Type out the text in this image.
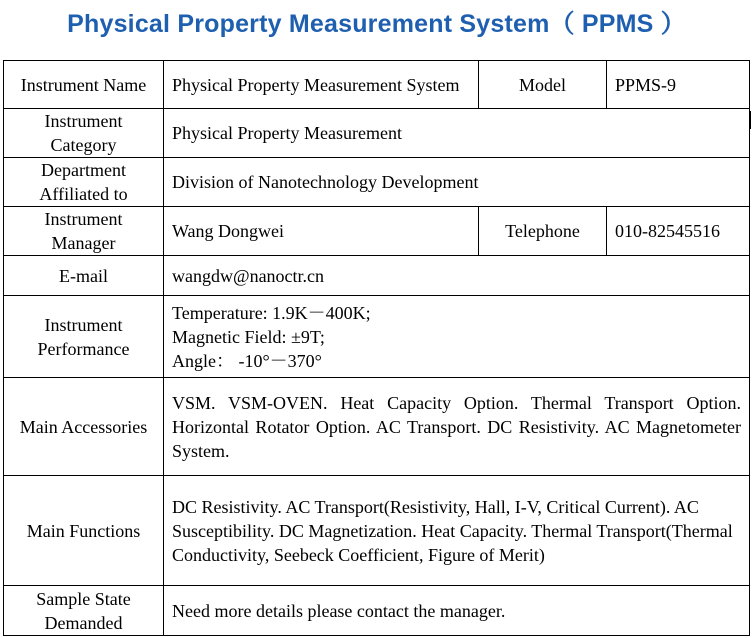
Physical Property Measurement System（ PPMS ）
Instrument Name	Physical Property Measurement System	Model	PPMS-9
Instrument Category	Physical Property Measurement		
Department Affiliated to	Division of Nanotechnology Development		
Instrument Manager	Wang Dongwei	Telephone	010-82545516
E-mail	wangdw@nanoctr.cn		
Instrument Performance	Temperature: 1.9K－400K;
Magnetic Field: ±9T;
Angle： -10°－370°		

Main Accessories	VSM. VSM-OVEN. Heat Capacity Option. Thermal Transport Option. Horizontal Rotator Option. AC Transport. DC Resistivity. AC Magnetometer System.		
Main Functions	DC Resistivity. AC Transport(Resistivity, Hall, I-V, Critical Current). AC Susceptibility. DC Magnetization. Heat Capacity. Thermal Transport(Thermal Conductivity, Seebeck Coefficient, Figure of Merit)		
Sample State Demanded	Need more details please contact the manager.		
